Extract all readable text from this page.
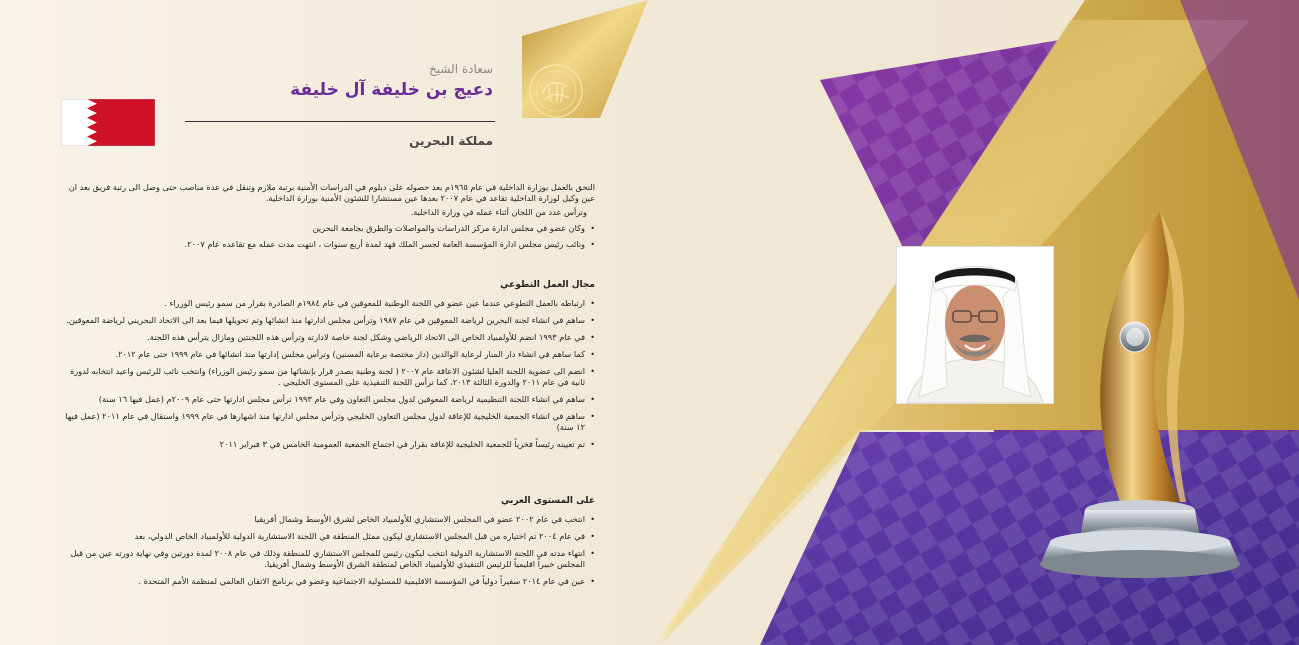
سعادة الشيخ
دعيج بن خليفة آل خليفة
مملكة البحرين

التحق بالعمل بوزارة الداخلية في عام ١٩٦٥م بعد حصوله على دبلوم في الدراسات الأمنية برتبة ملازم وتنقل في عدة مناصب حتى وصل الى رتبة فريق بعد ان عين وكيل لوزارة الداخلية تقاعد في عام ٢٠٠٧ بعدها عين مستشارا للشئون الأمنية بوزارة الداخلية.

وترأس عدد من اللجان أثناء عمله في وزارة الداخلية.

• وكان عضو في مجلس ادارة مركز الدراسات والمواصلات والطرق بجامعة البحرين

• ونائب رئيس مجلس ادارة المؤسسة العامة لجسر الملك فهد لمدة أربع سنوات ، انتهت مدت عمله مع تقاعده عام ٢٠٠٧.

مجال العمل التطوعي

• ارتباطه بالعمل التطوعي عندما عين عضو في اللجنة الوطنية للمعوقين في عام ١٩٨٤م الصادرة بقرار من سمو رئيس الوزراء .

• ساهم في انشاء لجنة البحرين لرياضة المعوقين في عام ١٩٨٧ وترأس مجلس ادارتها منذ انشائها وتم تحويلها فيما بعد الى الاتحاد البحريني لرياضة المعوقين.

• في عام ١٩٩٣ انضم للأولمبياد الخاص الى الاتحاد الرياضي وشكل لجنة خاصة لادارته وترأس هذه اللجنتين ومازال يترأس هذه اللجنة.

• كما ساهم في انشاء دار المنار لرعاية الوالدين (دار مختصة برعاية المسنين) وترأس مجلس إدارتها منذ انشائها في عام ١٩٩٩ حتى عام ٢٠١٢.

• انضم الى عضوية اللجنة العليا لشئون الاعاقة عام ٢٠٠٧ ( لجنة وطنية بصدر قرار بإنشائها من سمو رئيس الوزراء) وانتخب نائب للرئيس واعيد انتخابه لدورة ثانية في عام ٢٠١١ والدورة الثالثة ٢٠١٣، كما ترأس اللجنة التنفيذية على المستوى الخليجي .

• ساهم في انشاء اللجنة التنظيمية لرياضة المعوقين لدول مجلس التعاون وفي عام ١٩٩٣ ترأس مجلس ادارتها حتى عام ٢٠٠٩م (عمل فيها ١٦ سنة)

• ساهم في انشاء الجمعية الخليجية للإعاقة لدول مجلس التعاون الخليجي وترأس مجلس ادارتها منذ اشهارها في عام ١٩٩٩ واستقال في عام ٢٠١١ (عمل فيها ١٢ سنة)

• تم تعيينه رئيساً فخرياً للجمعية الخليجية للإعاقة بقرار في اجتماع الجمعية العمومية الخامس في ٣ فبراير ٢٠١١

على المستوى العربي

• انتخب في عام ٢٠٠٢ عضو في المجلس الاستشاري للأولمبياد الخاص لشرق الأوسط وشمال أفريقيا

• في عام ٢٠٠٤ تم اختياره من قبل المجلس الاستشاري ليكون ممثل المنطقة في اللجنة الاستشارية الدولية للأولمبياد الخاص الدولي، بعد

• انتهاء مدته في اللجنة الاستشارية الدولية انتخب ليكون رئيس للمجلس الاستشاري للمنطقة وذلك في عام ٢٠٠٨ لمدة دورتين وفي نهاية دورته عين من قبل المجلس خبيراً اقليمياً للرئيس التنفيذي للأولمبياد الخاص لمنطقة الشرق الأوسط وشمال أفريقيا.

• عين في عام ٢٠١٤ سفيراً دولياً في المؤسسة الاقليمية للمسئولية الاجتماعية وعضو في برنامج الاتقان العالمي لمنظمة الأمم المتحدة .
